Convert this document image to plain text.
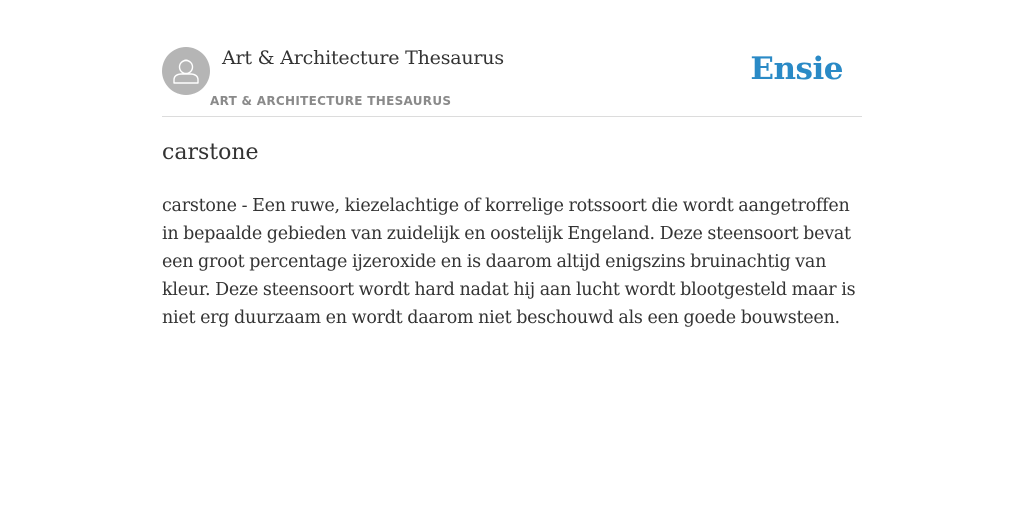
Art & Architecture Thesaurus
ART & ARCHITECTURE THESAURUS
Ensie
carstone

carstone - Een ruwe, kiezelachtige of korrelige rotssoort die wordt aangetroffen in bepaalde gebieden van zuidelijk en oostelijk Engeland. Deze steensoort bevat een groot percentage ijzeroxide en is daarom altijd enigszins bruinachtig van kleur. Deze steensoort wordt hard nadat hij aan lucht wordt blootgesteld maar is niet erg duurzaam en wordt daarom niet beschouwd als een goede bouwsteen.
